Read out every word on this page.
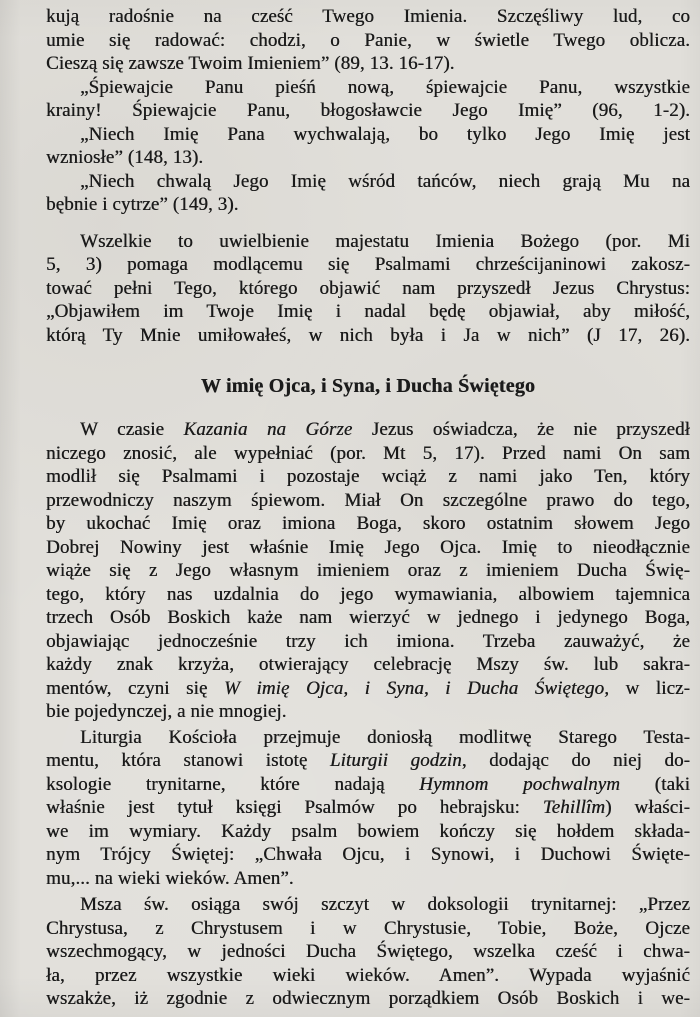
kują radośnie na cześć Twego Imienia. Szczęśliwy lud, co
umie się radować: chodzi, o Panie, w świetle Twego oblicza.
Cieszą się zawsze Twoim Imieniem” (89, 13. 16-17).
„Śpiewajcie Panu pieśń nową, śpiewajcie Panu, wszystkie
krainy! Śpiewajcie Panu, błogosławcie Jego Imię” (96, 1-2).
„Niech Imię Pana wychwalają, bo tylko Jego Imię jest
wzniosłe” (148, 13).
„Niech chwalą Jego Imię wśród tańców, niech grają Mu na
bębnie i cytrze” (149, 3).
Wszelkie to uwielbienie majestatu Imienia Bożego (por. Mi
5, 3) pomaga modlącemu się Psalmami chrześcijaninowi zakosz-
tować pełni Tego, którego objawić nam przyszedł Jezus Chrystus:
„Objawiłem im Twoje Imię i nadal będę objawiał, aby miłość,
którą Ty Mnie umiłowałeś, w nich była i Ja w nich” (J 17, 26).
W imię Ojca, i Syna, i Ducha Świętego
W czasie Kazania na Górze Jezus oświadcza, że nie przyszedł
niczego znosić, ale wypełniać (por. Mt 5, 17). Przed nami On sam
modlił się Psalmami i pozostaje wciąż z nami jako Ten, który
przewodniczy naszym śpiewom. Miał On szczególne prawo do tego,
by ukochać Imię oraz imiona Boga, skoro ostatnim słowem Jego
Dobrej Nowiny jest właśnie Imię Jego Ojca. Imię to nieodłącznie
wiąże się z Jego własnym imieniem oraz z imieniem Ducha Świę-
tego, który nas uzdalnia do jego wymawiania, albowiem tajemnica
trzech Osób Boskich każe nam wierzyć w jednego i jedynego Boga,
objawiając jednocześnie trzy ich imiona. Trzeba zauważyć, że
każdy znak krzyża, otwierający celebrację Mszy św. lub sakra-
mentów, czyni się W imię Ojca, i Syna, i Ducha Świętego, w licz-
bie pojedynczej, a nie mnogiej.
Liturgia Kościoła przejmuje doniosłą modlitwę Starego Testa-
mentu, która stanowi istotę Liturgii godzin, dodając do niej do-
ksologie trynitarne, które nadają Hymnom pochwalnym (taki
właśnie jest tytuł księgi Psalmów po hebrajsku: Tehillîm) właści-
we im wymiary. Każdy psalm bowiem kończy się hołdem składa-
nym Trójcy Świętej: „Chwała Ojcu, i Synowi, i Duchowi Święte-
mu,... na wieki wieków. Amen”.
Msza św. osiąga swój szczyt w doksologii trynitarnej: „Przez
Chrystusa, z Chrystusem i w Chrystusie, Tobie, Boże, Ojcze
wszechmogący, w jedności Ducha Świętego, wszelka cześć i chwa-
ła, przez wszystkie wieki wieków. Amen”. Wypada wyjaśnić
wszakże, iż zgodnie z odwiecznym porządkiem Osób Boskich i we-
